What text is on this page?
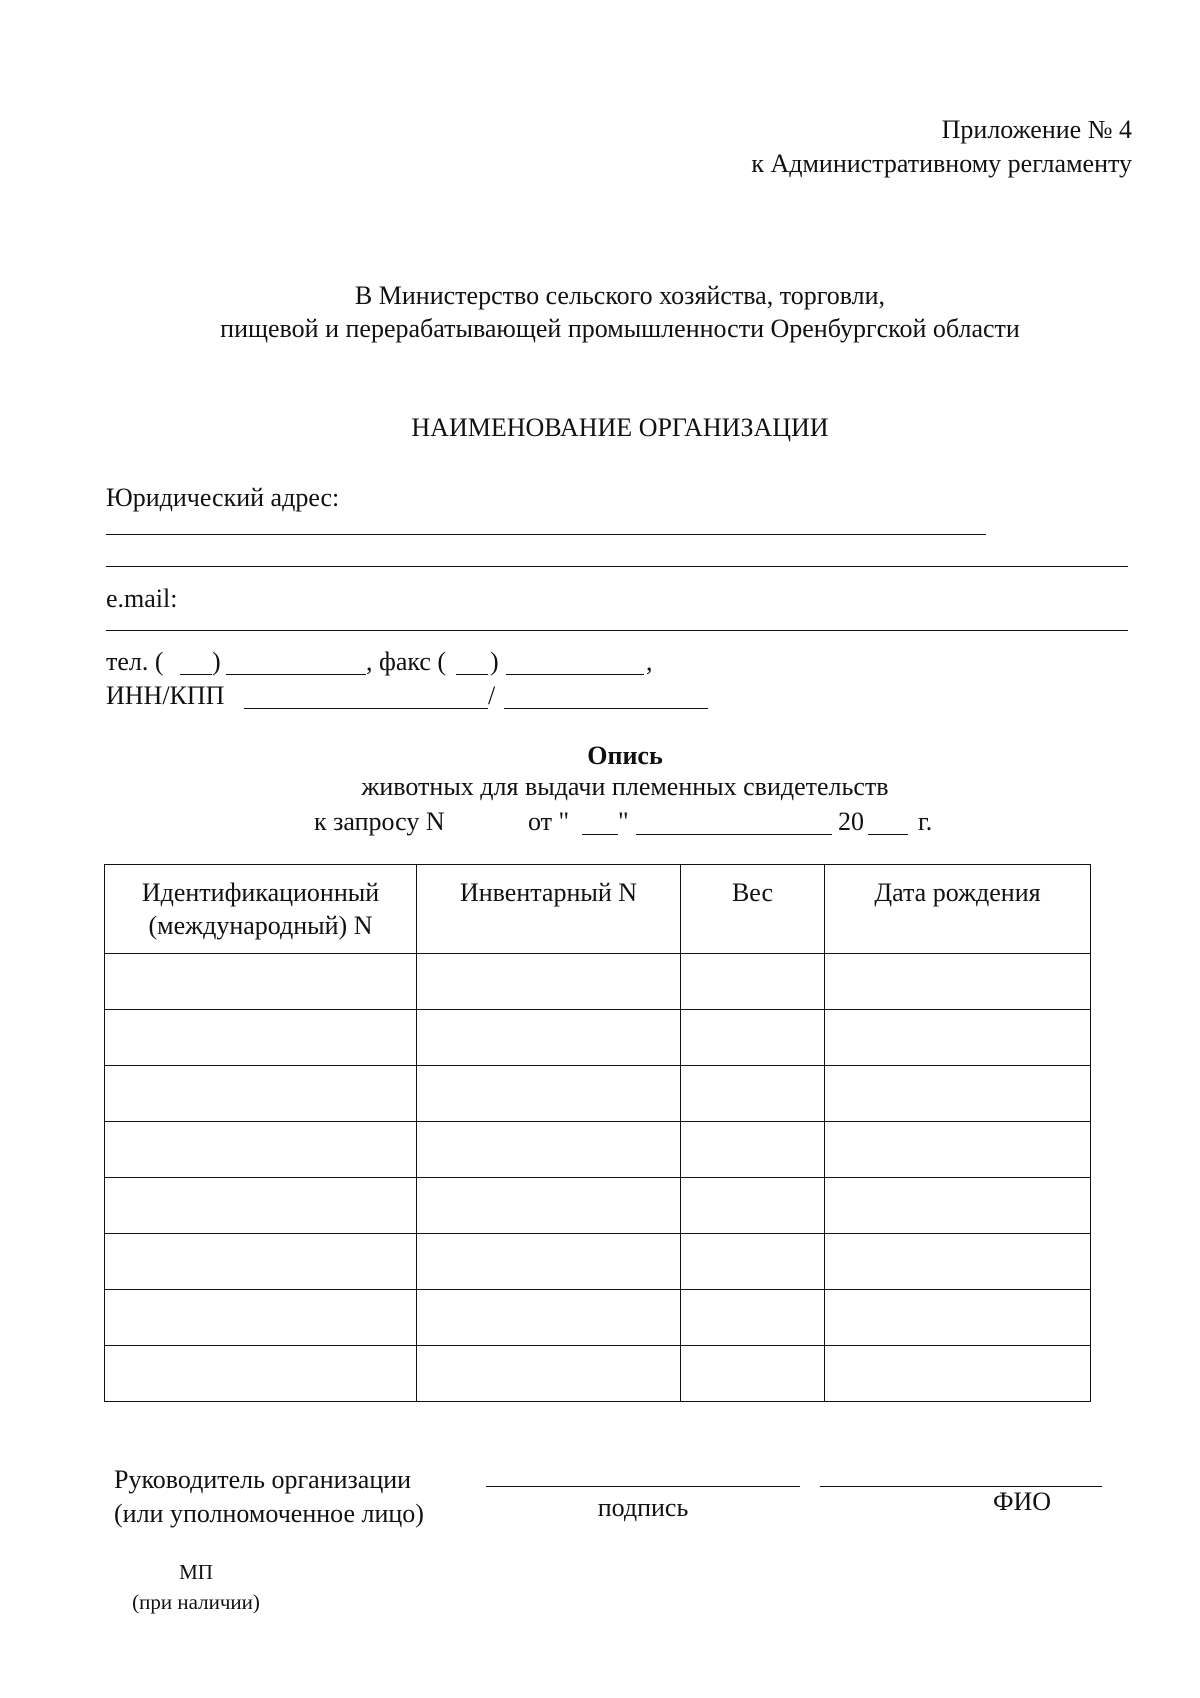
Приложение № 4
к Административному регламенту
В Министерство сельского хозяйства, торговли,
пищевой и перерабатывающей промышленности Оренбургской области
НАИМЕНОВАНИЕ ОРГАНИЗАЦИИ
Юридический адрес:
e.mail:
тел. ( )	, факс ( )	,
ИНН/КПП	/
Опись
животных для выдачи племенных свидетельств
к запросу N	от " "	20 г.
Идентификационный (международный) N	Инвентарный N	Вес	Дата рождения

Руководитель организации
(или уполномоченное лицо)	подпись	ФИО
МП
(при наличии)
